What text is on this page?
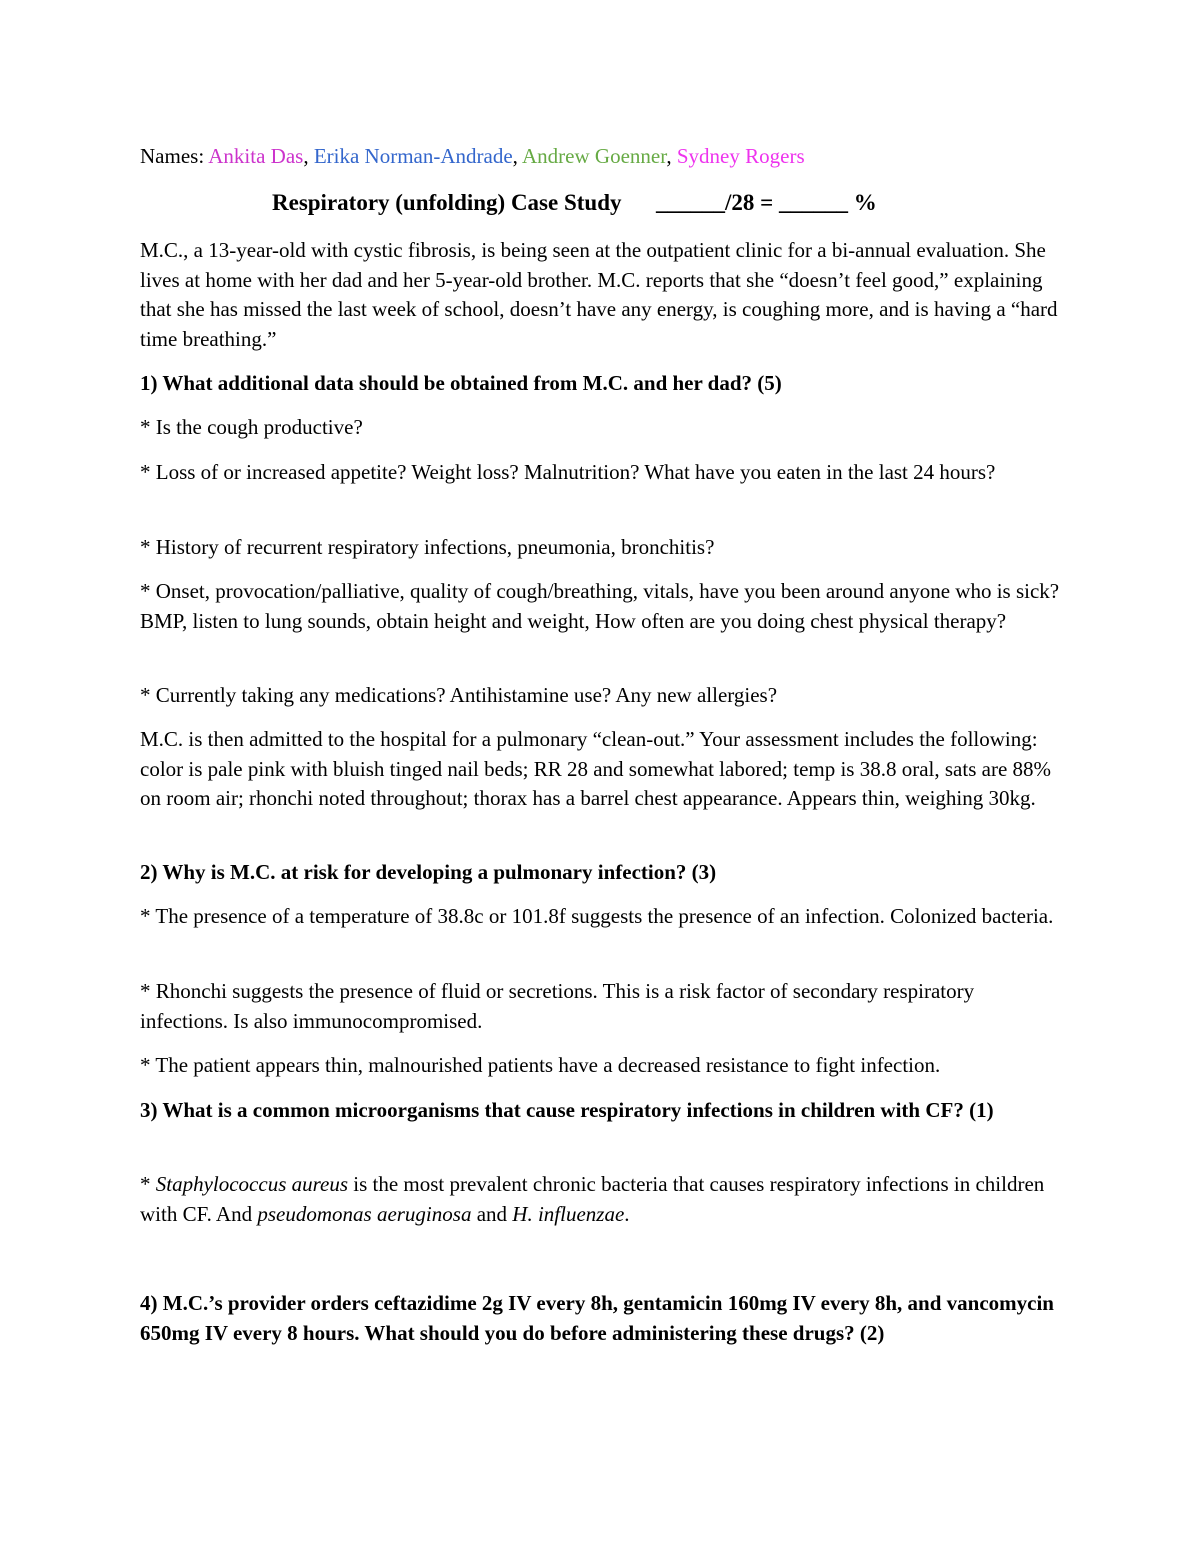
Names: Ankita Das, Erika Norman-Andrade, Andrew Goenner, Sydney Rogers
Respiratory (unfolding) Case Study ______/28 = ______ %
M.C., a 13-year-old with cystic fibrosis, is being seen at the outpatient clinic for a bi-annual evaluation. She lives at home with her dad and her 5-year-old brother. M.C. reports that she “doesn’t feel good,” explaining that she has missed the last week of school, doesn’t have any energy, is coughing more, and is having a “hard time breathing.”
1) What additional data should be obtained from M.C. and her dad? (5)
* Is the cough productive?
* Loss of or increased appetite? Weight loss? Malnutrition? What have you eaten in the last 24 hours?
* History of recurrent respiratory infections, pneumonia, bronchitis?
* Onset, provocation/palliative, quality of cough/breathing, vitals, have you been around anyone who is sick? BMP, listen to lung sounds, obtain height and weight, How often are you doing chest physical therapy?
* Currently taking any medications? Antihistamine use? Any new allergies?
M.C. is then admitted to the hospital for a pulmonary “clean-out.” Your assessment includes the following: color is pale pink with bluish tinged nail beds; RR 28 and somewhat labored; temp is 38.8 oral, sats are 88% on room air; rhonchi noted throughout; thorax has a barrel chest appearance. Appears thin, weighing 30kg.
2) Why is M.C. at risk for developing a pulmonary infection? (3)
* The presence of a temperature of 38.8c or 101.8f suggests the presence of an infection. Colonized bacteria.
* Rhonchi suggests the presence of fluid or secretions. This is a risk factor of secondary respiratory infections. Is also immunocompromised.
* The patient appears thin, malnourished patients have a decreased resistance to fight infection.
3) What is a common microorganisms that cause respiratory infections in children with CF? (1)
* Staphylococcus aureus is the most prevalent chronic bacteria that causes respiratory infections in children with CF. And pseudomonas aeruginosa and H. influenzae.
4) M.C.’s provider orders ceftazidime 2g IV every 8h, gentamicin 160mg IV every 8h, and vancomycin 650mg IV every 8 hours. What should you do before administering these drugs? (2)
